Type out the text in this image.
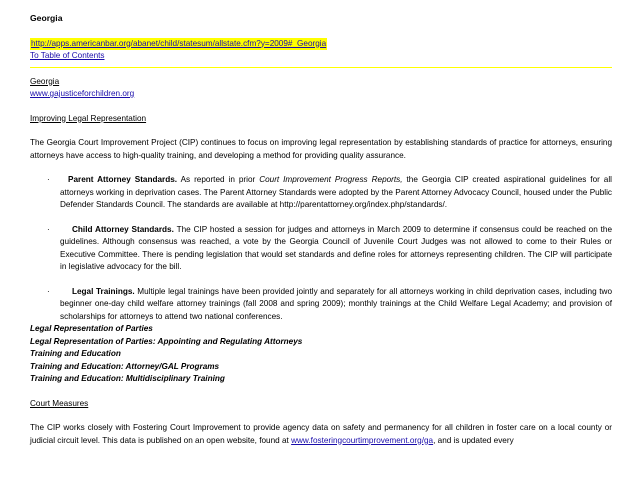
Georgia
http://apps.americanbar.org/abanet/child/statesum/allstate.cfm?y=2009#_Georgia
To Table of Contents
Georgia
www.gajusticeforchildren.org
Improving Legal Representation

The Georgia Court Improvement Project (CIP) continues to focus on improving legal representation by establishing standards of practice for attorneys, ensuring attorneys have access to high-quality training, and developing a method for providing quality assurance.

· Parent Attorney Standards. As reported in prior Court Improvement Progress Reports, the Georgia CIP created aspirational guidelines for all attorneys working in deprivation cases. The Parent Attorney Standards were adopted by the Parent Attorney Advocacy Council, housed under the Public Defender Standards Council. The standards are available at http://parentattorney.org/index.php/standards/.
·	Child Attorney Standards. The CIP hosted a session for judges and attorneys in March 2009 to determine if consensus could be reached on the guidelines. Although consensus was reached, a vote by the Georgia Council of Juvenile Court Judges was not allowed to come to their Rules or Executive Committee. There is pending legislation that would set standards and define roles for attorneys representing children. The CIP will participate in legislative advocacy for the bill.
·	Legal Trainings. Multiple legal trainings have been provided jointly and separately for all attorneys working in child deprivation cases, including two beginner one-day child welfare attorney trainings (fall 2008 and spring 2009); monthly trainings at the Child Welfare Legal Academy; and provision of scholarships for attorneys to attend two national conferences.
Legal Representation of Parties
Legal Representation of Parties: Appointing and Regulating Attorneys
Training and Education
Training and Education: Attorney/GAL Programs
Training and Education: Multidisciplinary Training
Court Measures

The CIP works closely with Fostering Court Improvement to provide agency data on safety and permanency for all children in foster care on a local county or judicial circuit level. This data is published on an open website, found at www.fosteringcourtimprovement.org/ga, and is updated every
